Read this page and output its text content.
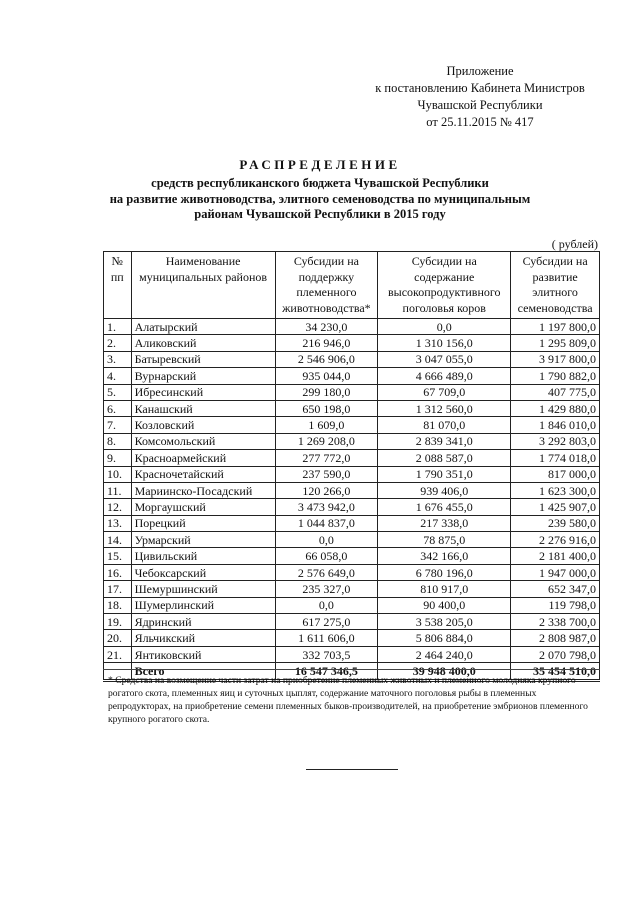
Приложение
к постановлению Кабинета Министров
Чувашской Республики
от 25.11.2015 № 417
РАСПРЕДЕЛЕНИЕ
средств республиканского бюджета Чувашской Республики
на развитие животноводства, элитного семеноводства по муниципальным
районам Чувашской Республики в 2015 году
( рублей)
№ пп	Наименование муниципальных районов	Субсидии на поддержку племенного животноводства*	Субсидии на содержание высокопродуктивного поголовья коров	Субсидии на развитие элитного семеноводства
1.	Алатырский	34 230,0	0,0	1 197 800,0
2.	Аликовский	216 946,0	1 310 156,0	1 295 809,0
3.	Батыревский	2 546 906,0	3 047 055,0	3 917 800,0
4.	Вурнарский	935 044,0	4 666 489,0	1 790 882,0
5.	Ибресинский	299 180,0	67 709,0	407 775,0
6.	Канашский	650 198,0	1 312 560,0	1 429 880,0
7.	Козловский	1 609,0	81 070,0	1 846 010,0
8.	Комсомольский	1 269 208,0	2 839 341,0	3 292 803,0
9.	Красноармейский	277 772,0	2 088 587,0	1 774 018,0
10.	Красночетайский	237 590,0	1 790 351,0	817 000,0
11.	Мариинско-Посадский	120 266,0	939 406,0	1 623 300,0
12.	Моргаушский	3 473 942,0	1 676 455,0	1 425 907,0
13.	Порецкий	1 044 837,0	217 338,0	239 580,0
14.	Урмарский	0,0	78 875,0	2 276 916,0
15.	Цивильский	66 058,0	342 166,0	2 181 400,0
16.	Чебоксарский	2 576 649,0	6 780 196,0	1 947 000,0
17.	Шемуршинский	235 327,0	810 917,0	652 347,0
18.	Шумерлинский	0,0	90 400,0	119 798,0
19.	Ядринский	617 275,0	3 538 205,0	2 338 700,0
20.	Яльчикский	1 611 606,0	5 806 884,0	2 808 987,0
21.	Янтиковский	332 703,5	2 464 240,0	2 070 798,0
	Всего	16 547 346,5	39 948 400,0	35 454 510,0
* Средства на возмещение части затрат на приобретение племенных животных и племенного молодняка крупного рогатого скота, племенных яиц и суточных цыплят, содержание маточного поголовья рыбы в племенных репродукторах, на приобретение семени племенных быков-производителей, на приобретение эмбрионов племенного крупного рогатого скота.
